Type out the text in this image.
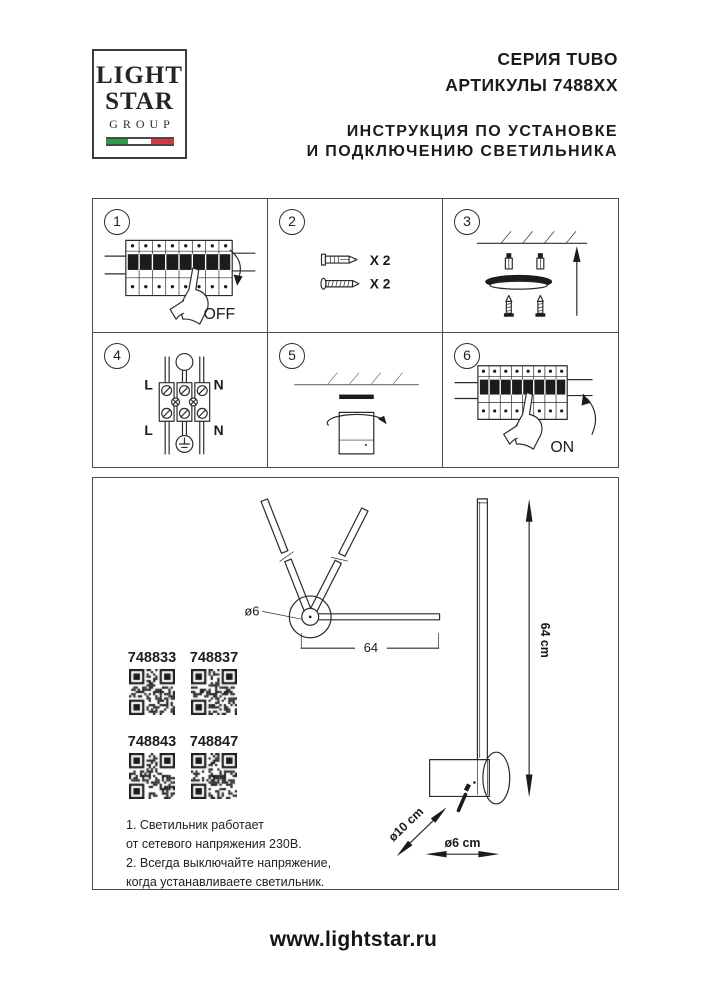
LIGHT
STAR
GROUP
СЕРИЯ TUBO
АРТИКУЛЫ 7488XX
ИНСТРУКЦИЯ ПО УСТАНОВКЕ
И ПОДКЛЮЧЕНИЮ СВЕТИЛЬНИКА
OFF
1
X 2
X 2
2	3
L	N
L	N
4	5
ON
6
ø6
64	64 cm
ø6 cm
ø10 cm
748833 748837
748843 748847
1. Светильник работает
от сетевого напряжения 230В.
2. Всегда выключайте напряжение,
когда устанавливаете светильник.
www.lightstar.ru
